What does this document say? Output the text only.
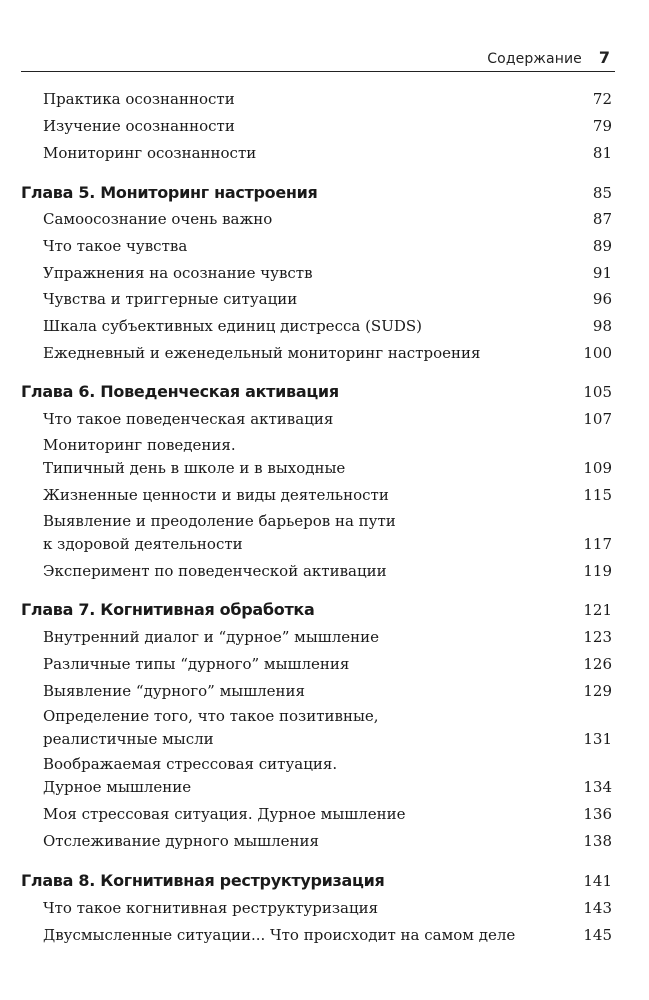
Содержание 7
Практика осознанности	72
Изучение осознанности	79
Мониторинг осознанности	81
Глава 5. Мониторинг настроения	85
Самоосознание очень важно	87
Что такое чувства	89
Упражнения на осознание чувств	91
Чувства и триггерные ситуации	96
Шкала субъективных единиц дистресса (SUDS)	98
Ежедневный и еженедельный мониторинг настроения	100
Глава 6. Поведенческая активация	105
Что такое поведенческая активация	107
Мониторинг поведения.
Типичный день в школе и в выходные	109
Жизненные ценности и виды деятельности	115
Выявление и преодоление барьеров на пути
к здоровой деятельности	117
Эксперимент по поведенческой активации	119
Глава 7. Когнитивная обработка	121
Внутренний диалог и “дурное” мышление	123
Различные типы “дурного” мышления	126
Выявление “дурного” мышления	129
Определение того, что такое позитивные,
реалистичные мысли	131
Воображаемая стрессовая ситуация.
Дурное мышление	134
Моя стрессовая ситуация. Дурное мышление	136
Отслеживание дурного мышления	138
Глава 8. Когнитивная реструктуризация	141
Что такое когнитивная реструктуризация	143
Двусмысленные ситуации... Что происходит на самом деле	145
